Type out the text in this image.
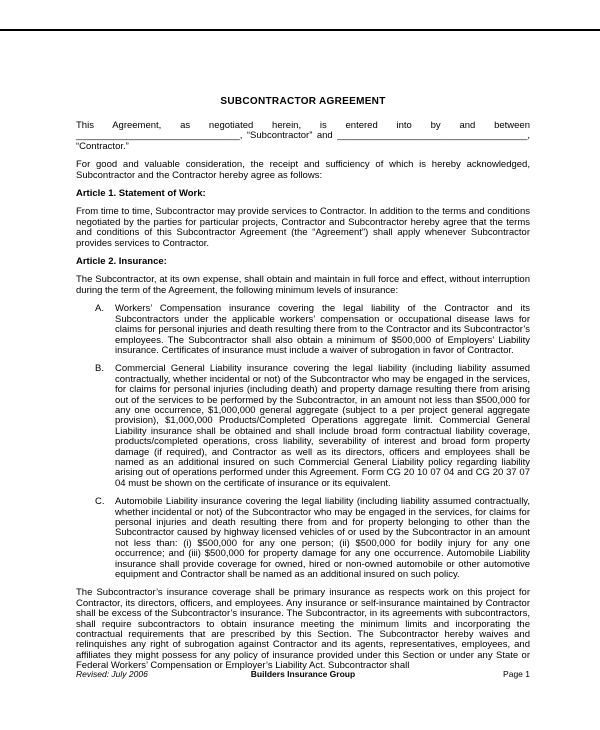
SUBCONTRACTOR AGREEMENT

This Agreement, as negotiated herein, is entered into by and between _______________________________, “Subcontractor” and ____________________________________, “Contractor.”

For good and valuable consideration, the receipt and sufficiency of which is hereby acknowledged, Subcontractor and the Contractor hereby agree as follows:

Article 1. Statement of Work:

From time to time, Subcontractor may provide services to Contractor. In addition to the terms and conditions negotiated by the parties for particular projects, Contractor and Subcontractor hereby agree that the terms and conditions of this Subcontractor Agreement (the “Agreement”) shall apply whenever Subcontractor provides services to Contractor.

Article 2. Insurance:

The Subcontractor, at its own expense, shall obtain and maintain in full force and effect, without interruption during the term of the Agreement, the following minimum levels of insurance:

A. Workers’ Compensation insurance covering the legal liability of the Contractor and its Subcontractors under the applicable workers’ compensation or occupational disease laws for claims for personal injuries and death resulting there from to the Contractor and its Subcontractor’s employees. The Subcontractor shall also obtain a minimum of $500,000 of Employers’ Liability insurance. Certificates of insurance must include a waiver of subrogation in favor of Contractor.
B. Commercial General Liability insurance covering the legal liability (including liability assumed contractually, whether incidental or not) of the Subcontractor who may be engaged in the services, for claims for personal injuries (including death) and property damage resulting there from arising out of the services to be performed by the Subcontractor, in an amount not less than $500,000 for any one occurrence, $1,000,000 general aggregate (subject to a per project general aggregate provision), $1,000,000 Products/Completed Operations aggregate limit. Commercial General Liability insurance shall be obtained and shall include broad form contractual liability coverage, products/completed operations, cross liability, severability of interest and broad form property damage (if required), and Contractor as well as its directors, officers and employees shall be named as an additional insured on such Commercial General Liability policy regarding liability arising out of operations performed under this Agreement. Form CG 20 10 07 04 and CG 20 37 07 04 must be shown on the certificate of insurance or its equivalent.
C. Automobile Liability insurance covering the legal liability (including liability assumed contractually, whether incidental or not) of the Subcontractor who may be engaged in the services, for claims for personal injuries and death resulting there from and for property belonging to other than the Subcontractor caused by highway licensed vehicles of or used by the Subcontractor in an amount not less than: (i) $500,000 for any one person; (ii) $500,000 for bodily injury for any one occurrence; and (iii) $500,000 for property damage for any one occurrence. Automobile Liability insurance shall provide coverage for owned, hired or non-owned automobile or other automotive equipment and Contractor shall be named as an additional insured on such policy.

The Subcontractor’s insurance coverage shall be primary insurance as respects work on this project for Contractor, its directors, officers, and employees. Any insurance or self-insurance maintained by Contractor shall be excess of the Subcontractor’s insurance. The Subcontractor, in its agreements with subcontractors, shall require subcontractors to obtain insurance meeting the minimum limits and incorporating the contractual requirements that are prescribed by this Section. The Subcontractor hereby waives and relinquishes any right of subrogation against Contractor and its agents, representatives, employees, and affiliates they might possess for any policy of insurance provided under this Section or under any State or Federal Workers’ Compensation or Employer’s Liability Act. Subcontractor shall

Builders Insurance Group
Revised: July 2006	Page 1
